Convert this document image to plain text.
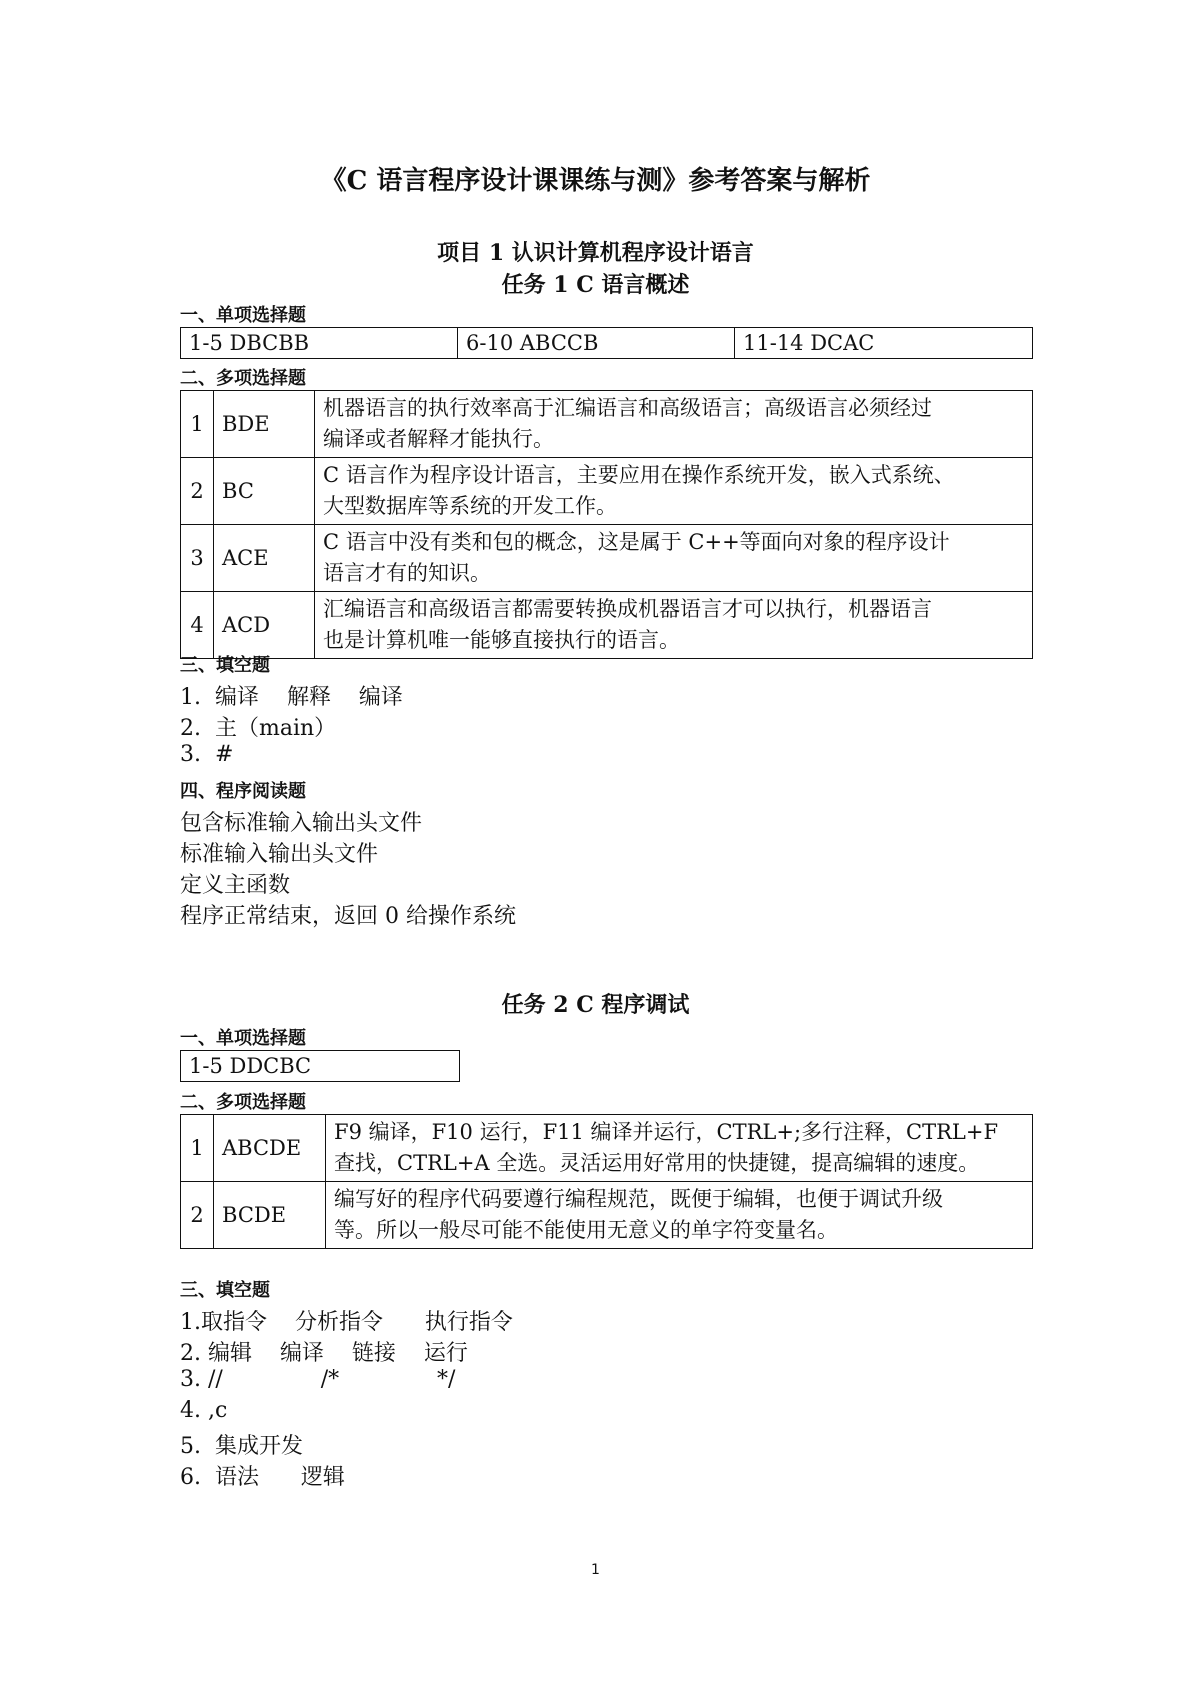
《C 语言程序设计课课练与测》参考答案与解析
项目 1 认识计算机程序设计语言
任务 1 C 语言概述
一、单项选择题
1-5 DBCBB	6-10 ABCCB	11-14 DCAC
二、多项选择题
1	BDE	机器语言的执行效率高于汇编语言和高级语言；高级语言必须经过
编译或者解释才能执行。

2	BC	C 语言作为程序设计语言，主要应用在操作系统开发，嵌入式系统、
大型数据库等系统的开发工作。

3	ACE	C 语言中没有类和包的概念，这是属于 C++等面向对象的程序设计
语言才有的知识。

4	ACD	汇编语言和高级语言都需要转换成机器语言才可以执行，机器语言
也是计算机唯一能够直接执行的语言。
三、填空题
1.  编译    解释    编译
2.  主（main）
3.  #
四、程序阅读题
包含标准输入输出头文件
标准输入输出头文件
定义主函数
程序正常结束，返回 0 给操作系统
任务 2 C 程序调试
一、单项选择题
1-5 DDCBC
二、多项选择题
1	ABCDE	F9 编译，F10 运行，F11 编译并运行，CTRL+;多行注释，CTRL+F
查找，CTRL+A 全选。灵活运用好常用的快捷键，提高编辑的速度。

2	BCDE	编写好的程序代码要遵行编程规范，既便于编辑，也便于调试升级
等。所以一般尽可能不能使用无意义的单字符变量名。
三、填空题
1.取指令    分析指令      执行指令
2. 编辑    编译    链接    运行
3. //              /*              */
4. ,c
5.  集成开发
6.  语法      逻辑
1
